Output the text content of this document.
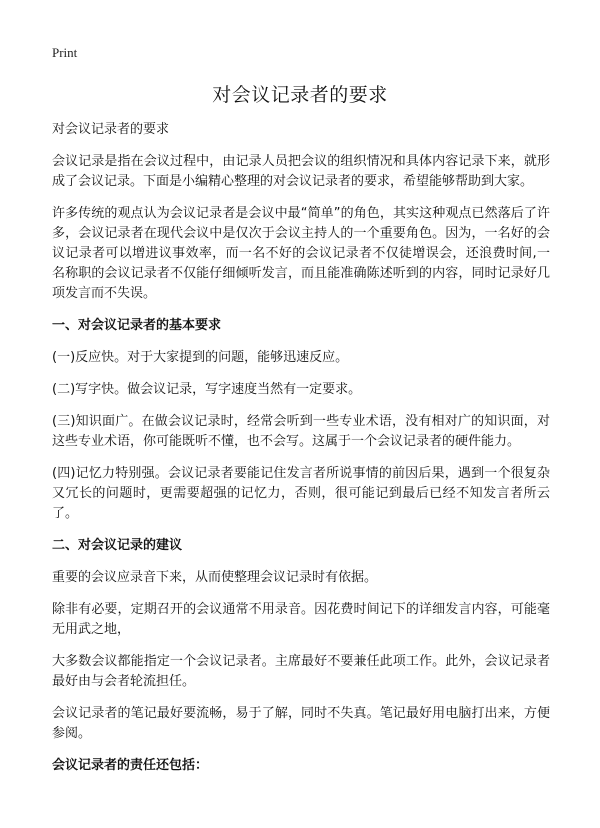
Print
对会议记录者的要求

对会议记录者的要求

会议记录是指在会议过程中，由记录人员把会议的组织情况和具体内容记录下来，就形成了会议记录。下面是小编精心整理的对会议记录者的要求，希望能够帮助到大家。

许多传统的观点认为会议记录者是会议中最“简单”的角色，其实这种观点已然落后了许多，会议记录者在现代会议中是仅次于会议主持人的一个重要角色。因为，一名好的会议记录者可以增进议事效率，而一名不好的会议记录者不仅徒增误会，还浪费时间,一名称职的会议记录者不仅能仔细倾听发言，而且能准确陈述听到的内容，同时记录好几项发言而不失误。

一、对会议记录者的基本要求

(一)反应快。对于大家提到的问题，能够迅速反应。

(二)写字快。做会议记录，写字速度当然有一定要求。

(三)知识面广。在做会议记录时，经常会听到一些专业术语，没有相对广的知识面，对这些专业术语，你可能既听不懂，也不会写。这属于一个会议记录者的硬件能力。

(四)记忆力特别强。会议记录者要能记住发言者所说事情的前因后果，遇到一个很复杂又冗长的问题时，更需要超强的记忆力，否则，很可能记到最后已经不知发言者所云了。

二、对会议记录的建议

重要的会议应录音下来，从而使整理会议记录时有依据。

除非有必要，定期召开的会议通常不用录音。因花费时间记下的详细发言内容，可能毫无用武之地，

大多数会议都能指定一个会议记录者。主席最好不要兼任此项工作。此外，会议记录者最好由与会者轮流担任。

会议记录者的笔记最好要流畅，易于了解，同时不失真。笔记最好用电脑打出来，方便参阅。

会议记录者的责任还包括：
